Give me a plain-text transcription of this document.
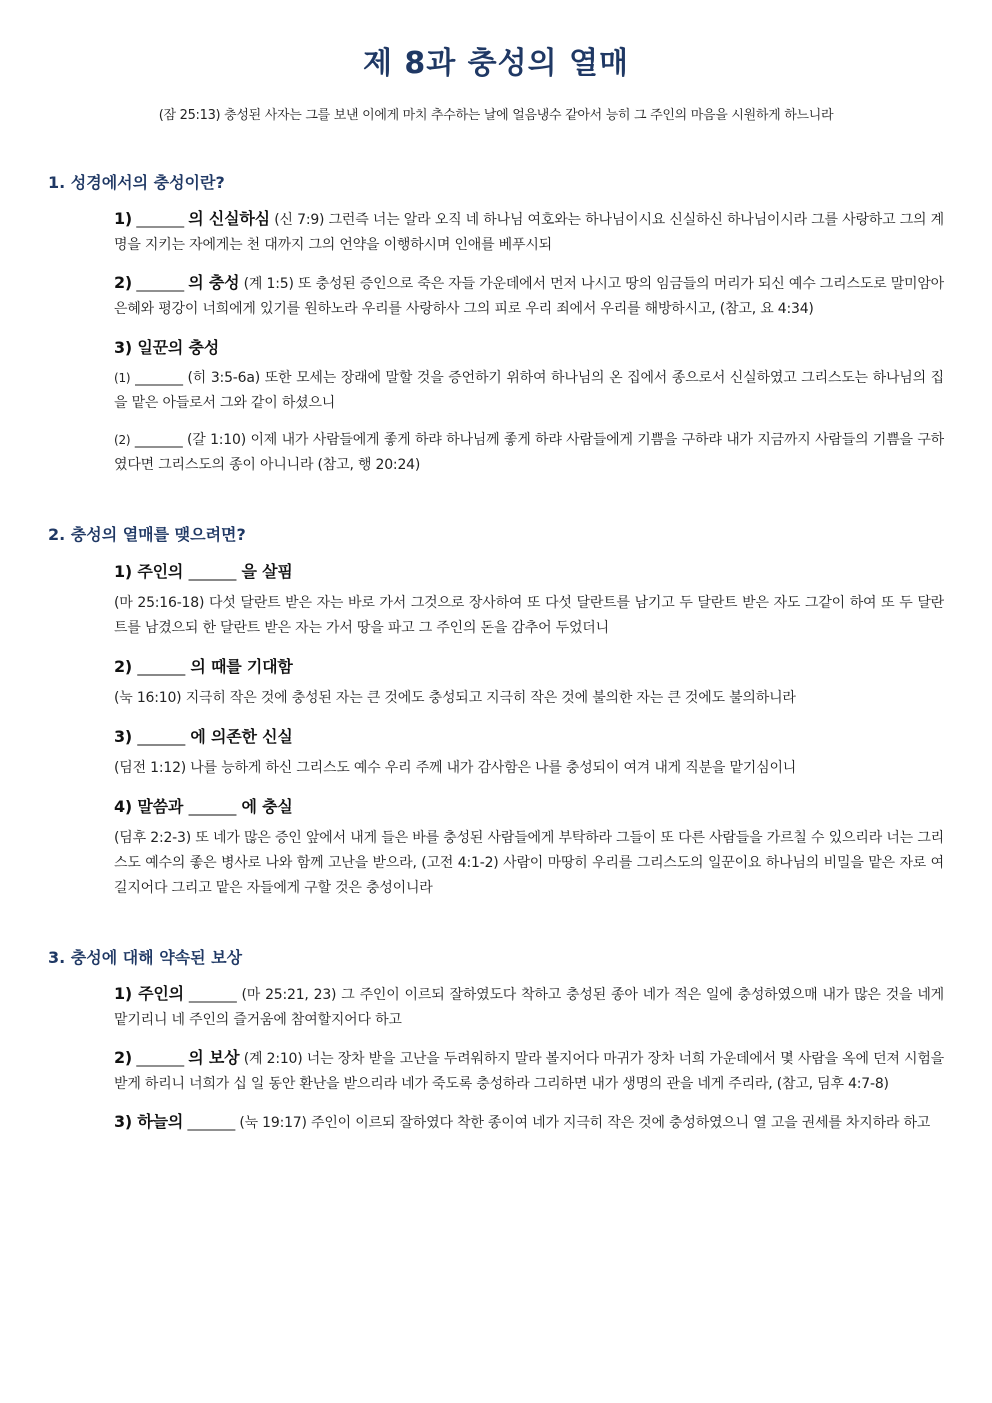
제 8과 충성의 열매

(잠 25:13) 충성된 사자는 그를 보낸 이에게 마치 추수하는 날에 얼음냉수 같아서 능히 그 주인의 마음을 시원하게 하느니라

1. 성경에서의 충성이란?
1) _______ 의 신실하심 (신 7:9) 그런즉 너는 알라 오직 네 하나님 여호와는 하나님이시요 신실하신 하나님이시라 그를 사랑하고 그의 계명을 지키는 자에게는 천 대까지 그의 언약을 이행하시며 인애를 베푸시되
2) _______ 의 충성 (계 1:5) 또 충성된 증인으로 죽은 자들 가운데에서 먼저 나시고 땅의 임금들의 머리가 되신 예수 그리스도로 말미암아 은혜와 평강이 너희에게 있기를 원하노라 우리를 사랑하사 그의 피로 우리 죄에서 우리를 해방하시고, (참고, 요 4:34)
3) 일꾼의 충성
(1) _______ (히 3:5-6a) 또한 모세는 장래에 말할 것을 증언하기 위하여 하나님의 온 집에서 종으로서 신실하였고 그리스도는 하나님의 집을 맡은 아들로서 그와 같이 하셨으니
(2) _______ (갈 1:10) 이제 내가 사람들에게 좋게 하랴 하나님께 좋게 하랴 사람들에게 기쁨을 구하랴 내가 지금까지 사람들의 기쁨을 구하였다면 그리스도의 종이 아니니라 (참고, 행 20:24)
2. 충성의 열매를 맺으려면?
1) 주인의 _______ 을 살핌
(마 25:16-18) 다섯 달란트 받은 자는 바로 가서 그것으로 장사하여 또 다섯 달란트를 남기고 두 달란트 받은 자도 그같이 하여 또 두 달란트를 남겼으되 한 달란트 받은 자는 가서 땅을 파고 그 주인의 돈을 감추어 두었더니
2) _______ 의 때를 기대함
(눅 16:10) 지극히 작은 것에 충성된 자는 큰 것에도 충성되고 지극히 작은 것에 불의한 자는 큰 것에도 불의하니라
3) _______ 에 의존한 신실
(딤전 1:12) 나를 능하게 하신 그리스도 예수 우리 주께 내가 감사함은 나를 충성되이 여겨 내게 직분을 맡기심이니
4) 말씀과 _______ 에 충실
(딤후 2:2-3) 또 네가 많은 증인 앞에서 내게 들은 바를 충성된 사람들에게 부탁하라 그들이 또 다른 사람들을 가르칠 수 있으리라 너는 그리스도 예수의 좋은 병사로 나와 함께 고난을 받으라, (고전 4:1-2) 사람이 마땅히 우리를 그리스도의 일꾼이요 하나님의 비밀을 맡은 자로 여길지어다 그리고 맡은 자들에게 구할 것은 충성이니라
3. 충성에 대해 약속된 보상
1) 주인의 _______ (마 25:21, 23) 그 주인이 이르되 잘하였도다 착하고 충성된 종아 네가 적은 일에 충성하였으매 내가 많은 것을 네게 맡기리니 네 주인의 즐거움에 참여할지어다 하고
2) _______ 의 보상 (계 2:10) 너는 장차 받을 고난을 두려워하지 말라 볼지어다 마귀가 장차 너희 가운데에서 몇 사람을 옥에 던져 시험을 받게 하리니 너희가 십 일 동안 환난을 받으리라 네가 죽도록 충성하라 그리하면 내가 생명의 관을 네게 주리라, (참고, 딤후 4:7-8)
3) 하늘의 _______ (눅 19:17) 주인이 이르되 잘하였다 착한 종이여 네가 지극히 작은 것에 충성하였으니 열 고을 권세를 차지하라 하고
